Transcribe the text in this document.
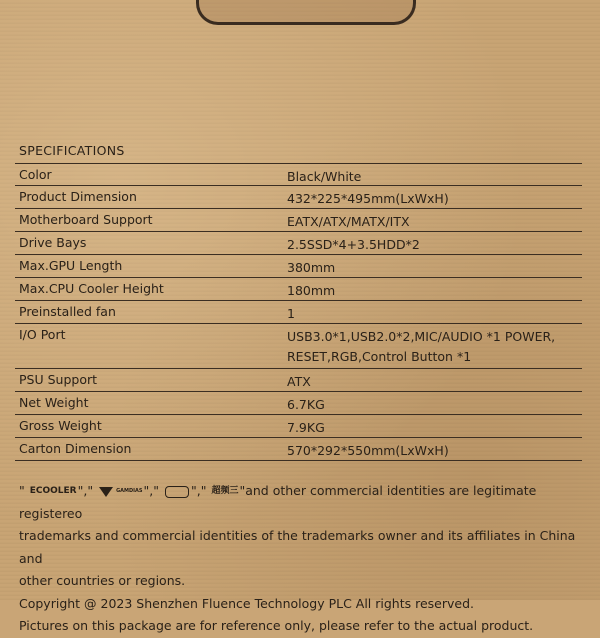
SPECIFICATIONS
Color	Black/White
Product Dimension	432*225*495mm(LxWxH)
Motherboard Support	EATX/ATX/MATX/ITX
Drive Bays	2.5SSD*4+3.5HDD*2
Max.GPU Length	380mm
Max.CPU Cooler Height	180mm
Preinstalled fan	1
I/O Port	USB3.0*1,USB2.0*2,MIC/AUDIO *1 POWER,
RESET,RGB,Control Button *1
PSU Support	ATX
Net Weight	6.7KG
Gross Weight	7.9KG
Carton Dimension	570*292*550mm(LxWxH)

" ECOOLER","	GAMDIAS","	"," 超频三"and other commercial identities are legitimate registereo

trademarks and commercial identities of the trademarks owner and its affiliates in China and

other countries or regions.

Copyright @ 2023 Shenzhen Fluence Technology PLC All rights reserved.

Pictures on this package are for reference only, please refer to the actual product.
